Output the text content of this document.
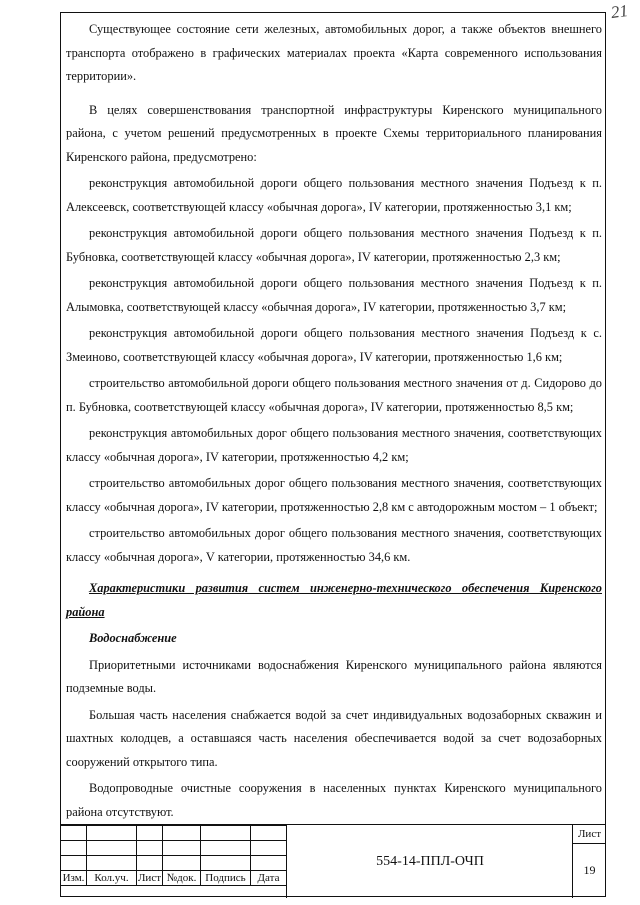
21

Существующее состояние сети железных, автомобильных дорог, а также объектов внешнего транспорта отображено в графических материалах проекта «Карта современного использования территории».

В целях совершенствования транспортной инфраструктуры Киренского муниципального района, с учетом решений предусмотренных в проекте Схемы территориального планирования Киренского района, предусмотрено:

реконструкция автомобильной дороги общего пользования местного значения Подъезд к п. Алексеевск, соответствующей классу «обычная дорога», IV категории, протяженностью 3,1 км;

реконструкция автомобильной дороги общего пользования местного значения Подъезд к п. Бубновка, соответствующей классу «обычная дорога», IV категории, протяженностью 2,3 км;

реконструкция автомобильной дороги общего пользования местного значения Подъезд к п. Алымовка, соответствующей классу «обычная дорога», IV категории, протяженностью 3,7 км;

реконструкция автомобильной дороги общего пользования местного значения Подъезд к с. Змеиново, соответствующей классу «обычная дорога», IV категории, протяженностью 1,6 км;

строительство автомобильной дороги общего пользования местного значения от д. Сидорово до п. Бубновка, соответствующей классу «обычная дорога», IV категории, протяженностью 8,5 км;

реконструкция автомобильных дорог общего пользования местного значения, соответствующих классу «обычная дорога», IV категории, протяженностью 4,2 км;

строительство автомобильных дорог общего пользования местного значения, соответствующих классу «обычная дорога», IV категории, протяженностью 2,8 км с автодорожным мостом – 1 объект;

строительство автомобильных дорог общего пользования местного значения, соответствующих классу «обычная дорога», V категории, протяженностью 34,6 км.

Характеристики развития систем инженерно-технического обеспечения Киренского района

Водоснабжение

Приоритетными источниками водоснабжения Киренского муниципального района являются подземные воды.

Большая часть населения снабжается водой за счет индивидуальных водозаборных скважин и шахтных колодцев, а оставшаяся часть населения обеспечивается водой за счет водозаборных сооружений открытого типа.

Водопроводные очистные сооружения в населенных пунктах Киренского муниципального района отсутствуют.

Изм.	Кол.уч.	Лист	№док.	Подпись	Дата
554-14-ППЛ-ОЧП
Лист
19
